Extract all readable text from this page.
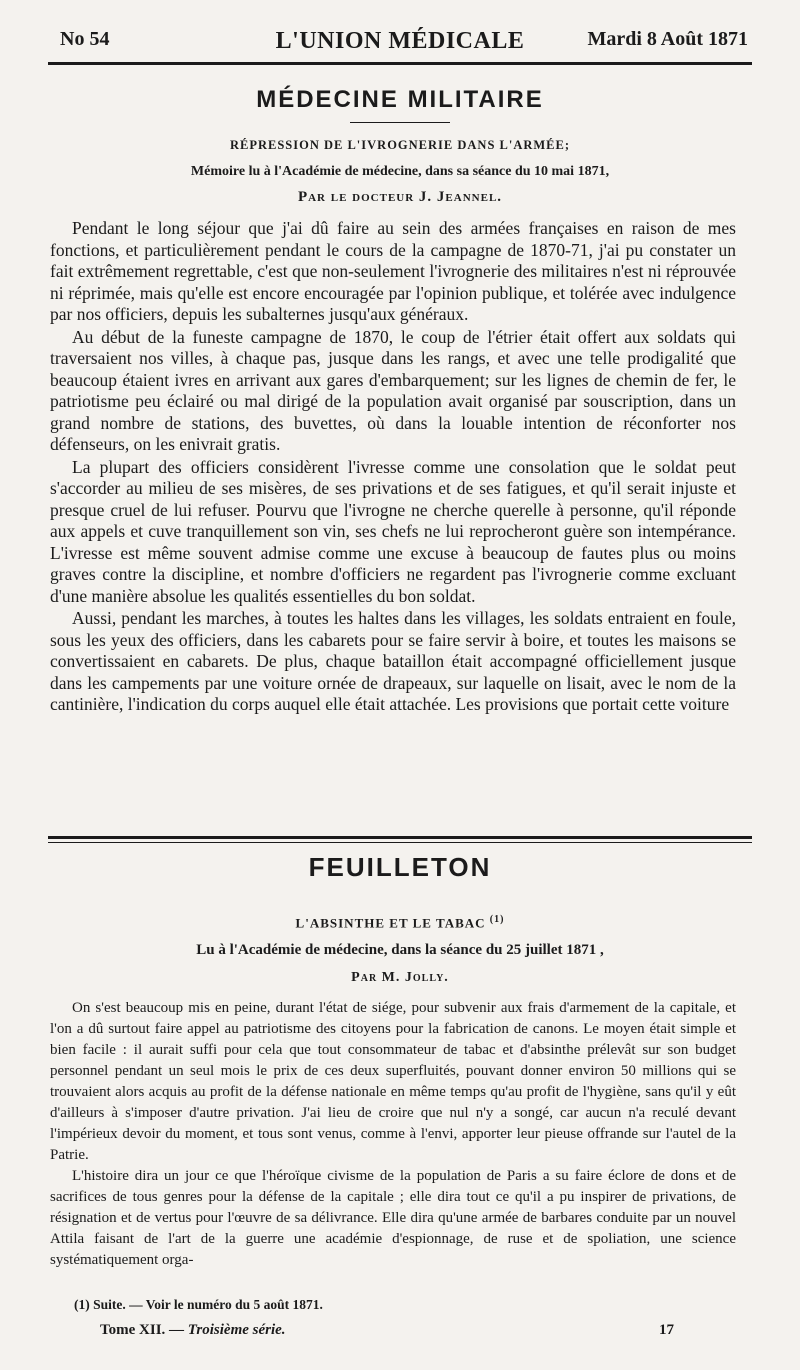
No 54	L'UNION MÉDICALE	Mardi 8 Août 1871
MÉDECINE MILITAIRE
RÉPRESSION DE L'IVROGNERIE DANS L'ARMÉE;
Mémoire lu à l'Académie de médecine, dans sa séance du 10 mai 1871,
Par le docteur J. Jeannel.

Pendant le long séjour que j'ai dû faire au sein des armées françaises en raison de mes fonctions, et particulièrement pendant le cours de la campagne de 1870-71, j'ai pu constater un fait extrêmement regrettable, c'est que non-seulement l'ivrognerie des militaires n'est ni réprouvée ni réprimée, mais qu'elle est encore encouragée par l'opinion publique, et tolérée avec indulgence par nos officiers, depuis les subalternes jusqu'aux généraux.

Au début de la funeste campagne de 1870, le coup de l'étrier était offert aux soldats qui traversaient nos villes, à chaque pas, jusque dans les rangs, et avec une telle prodigalité que beaucoup étaient ivres en arrivant aux gares d'embarquement; sur les lignes de chemin de fer, le patriotisme peu éclairé ou mal dirigé de la population avait organisé par souscription, dans un grand nombre de stations, des buvettes, où dans la louable intention de réconforter nos défenseurs, on les enivrait gratis.

La plupart des officiers considèrent l'ivresse comme une consolation que le soldat peut s'accorder au milieu de ses misères, de ses privations et de ses fatigues, et qu'il serait injuste et presque cruel de lui refuser. Pourvu que l'ivrogne ne cherche querelle à personne, qu'il réponde aux appels et cuve tranquillement son vin, ses chefs ne lui reprocheront guère son intempérance. L'ivresse est même souvent admise comme une excuse à beaucoup de fautes plus ou moins graves contre la discipline, et nombre d'officiers ne regardent pas l'ivrognerie comme excluant d'une manière absolue les qualités essentielles du bon soldat.

Aussi, pendant les marches, à toutes les haltes dans les villages, les soldats entraient en foule, sous les yeux des officiers, dans les cabarets pour se faire servir à boire, et toutes les maisons se convertissaient en cabarets. De plus, chaque bataillon était accompagné officiellement jusque dans les campements par une voiture ornée de drapeaux, sur laquelle on lisait, avec le nom de la cantinière, l'indication du corps auquel elle était attachée. Les provisions que portait cette voiture

FEUILLETON
L'ABSINTHE ET LE TABAC $^{(1)}$
Lu à l'Académie de médecine, dans la séance du 25 juillet 1871 ,
Par M. Jolly.

On s'est beaucoup mis en peine, durant l'état de siége, pour subvenir aux frais d'armement de la capitale, et l'on a dû surtout faire appel au patriotisme des citoyens pour la fabrication de canons. Le moyen était simple et bien facile : il aurait suffi pour cela que tout consommateur de tabac et d'absinthe prélevât sur son budget personnel pendant un seul mois le prix de ces deux superfluités, pouvant donner environ 50 millions qui se trouvaient alors acquis au profit de la défense nationale en même temps qu'au profit de l'hygiène, sans qu'il y eût d'ailleurs à s'imposer d'autre privation. J'ai lieu de croire que nul n'y a songé, car aucun n'a reculé devant l'impérieux devoir du moment, et tous sont venus, comme à l'envi, apporter leur pieuse offrande sur l'autel de la Patrie.

L'histoire dira un jour ce que l'héroïque civisme de la population de Paris a su faire éclore de dons et de sacrifices de tous genres pour la défense de la capitale ; elle dira tout ce qu'il a pu inspirer de privations, de résignation et de vertus pour l'œuvre de sa délivrance. Elle dira qu'une armée de barbares conduite par un nouvel Attila faisant de l'art de la guerre une académie d'espionnage, de ruse et de spoliation, une science systématiquement orga-

(1) Suite. — Voir le numéro du 5 août 1871.
Tome XII. — Troisième série.	17
